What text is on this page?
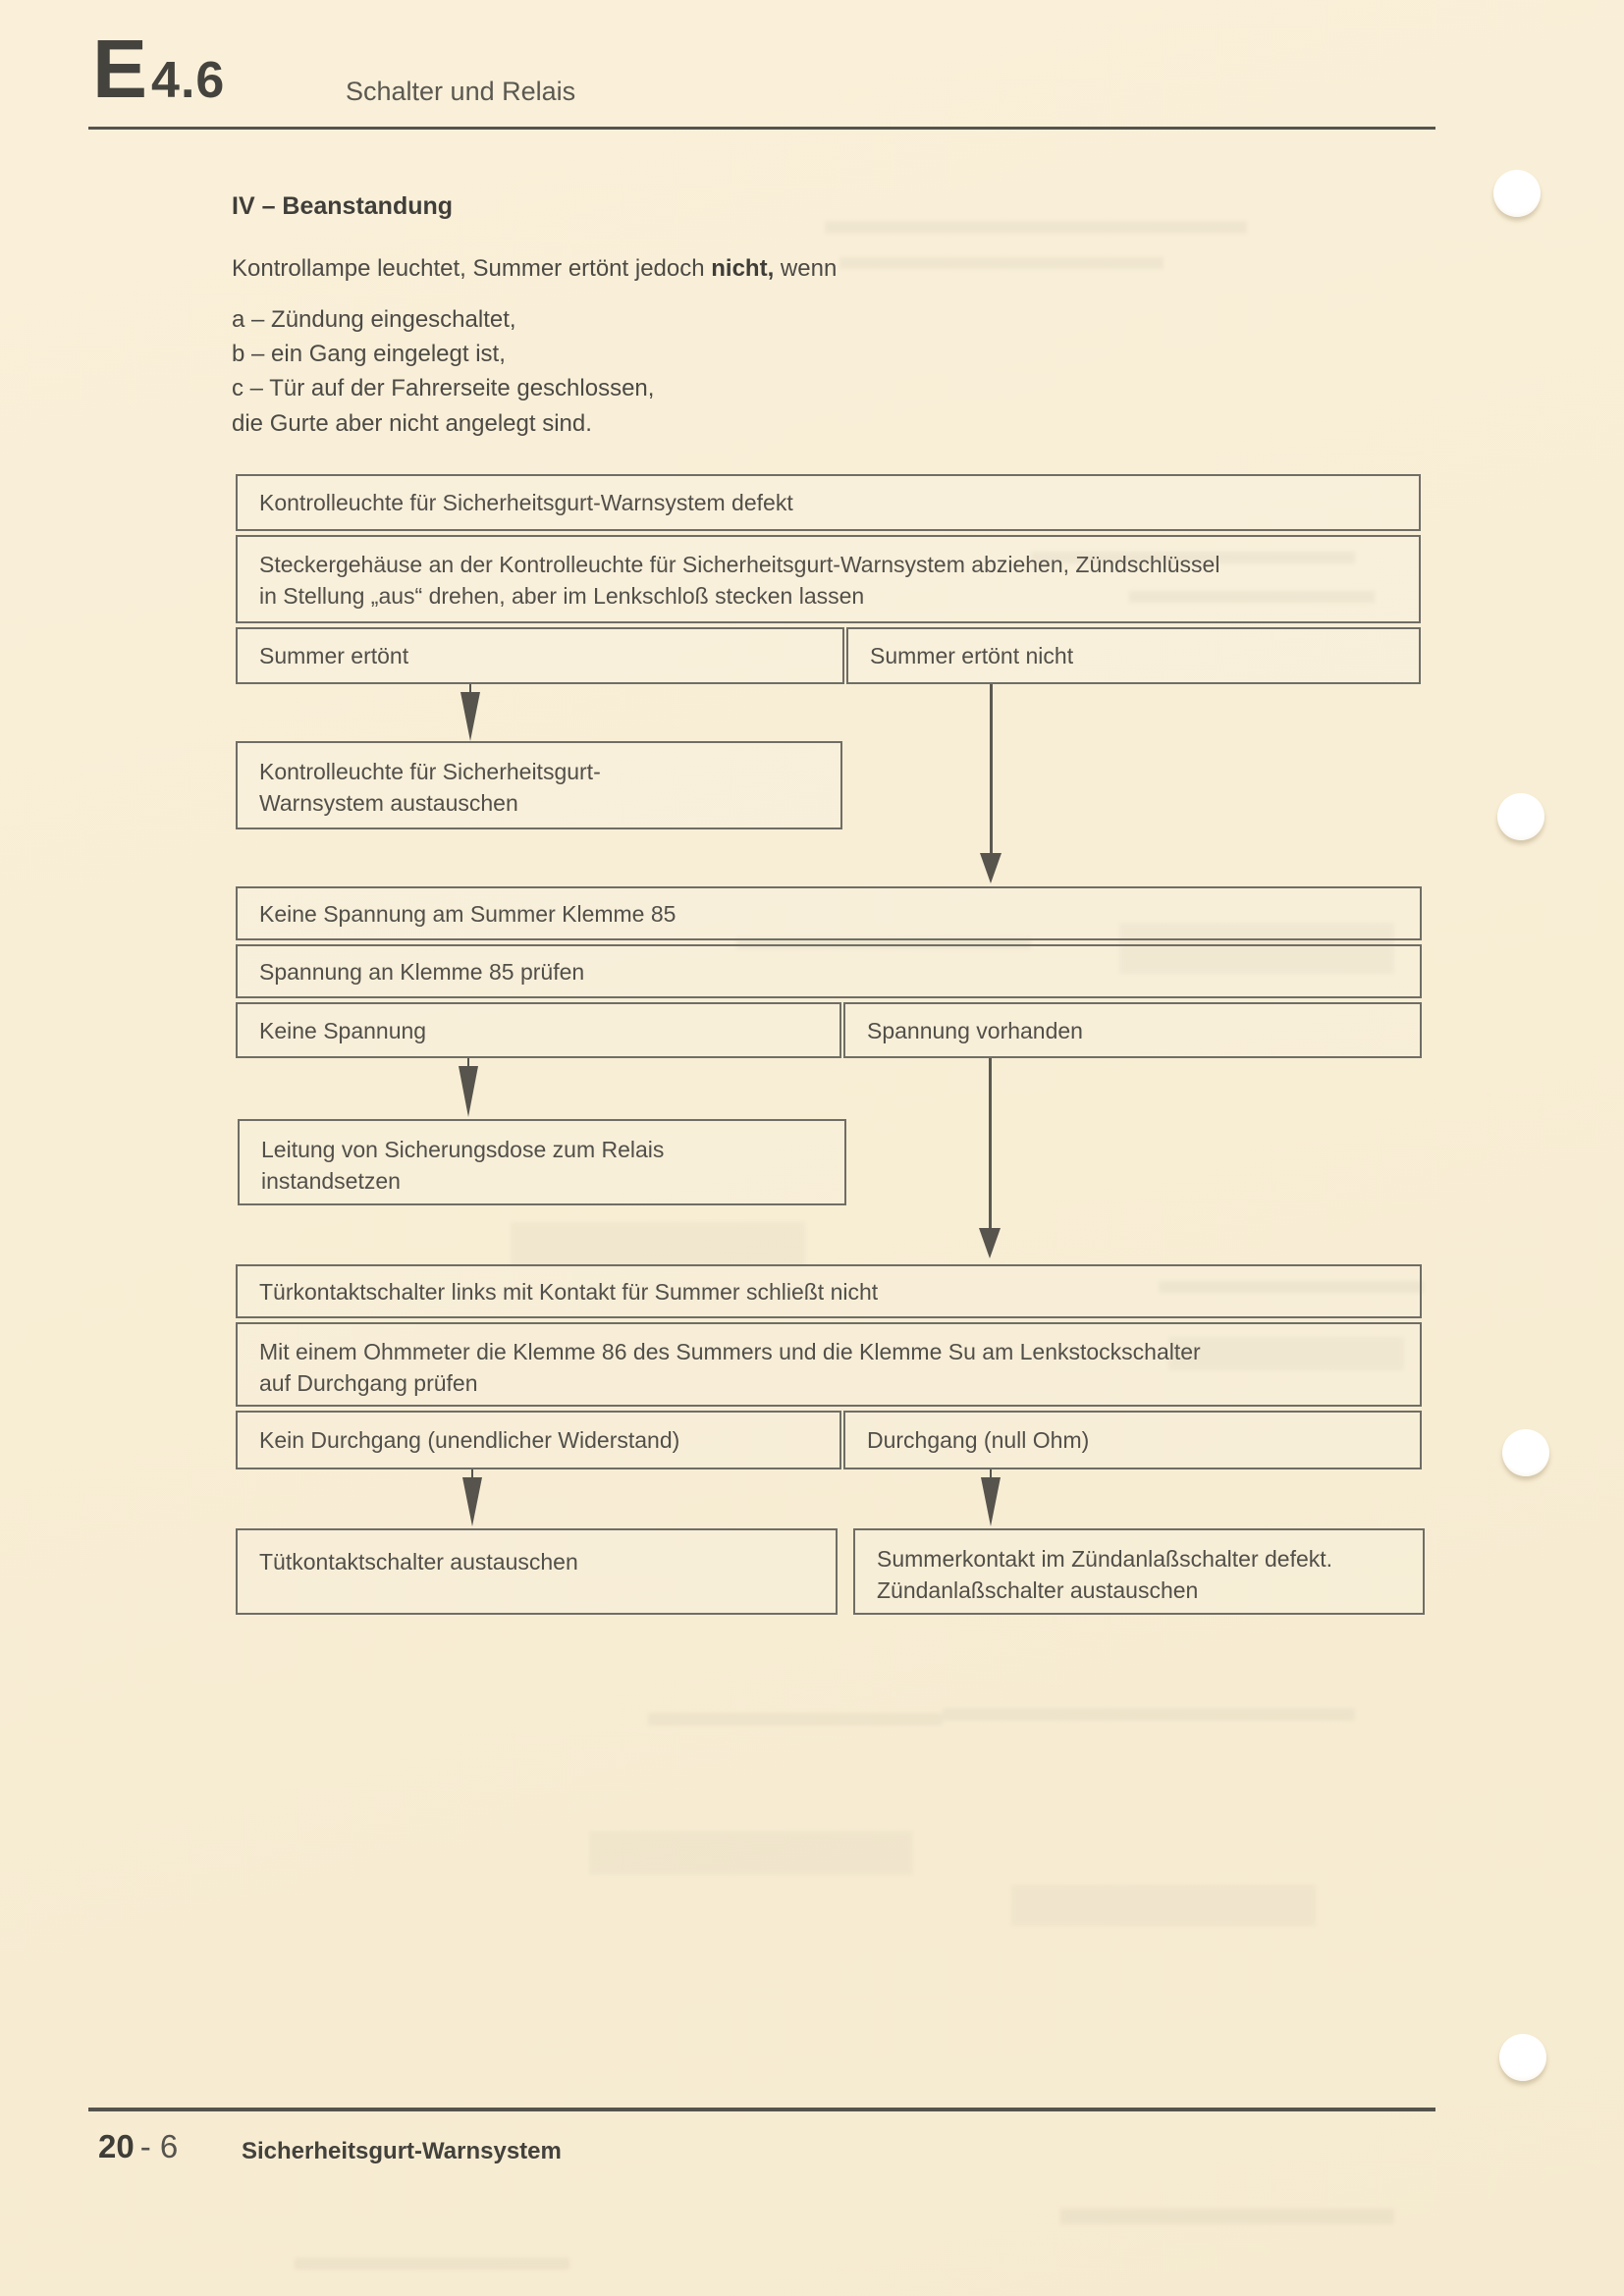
E 4.6	Schalter und Relais
IV – Beanstandung
Kontrollampe leuchtet, Summer ertönt jedoch nicht, wenn
a – Zündung eingeschaltet,
b – ein Gang eingelegt ist,
c – Tür auf der Fahrerseite geschlossen,
die Gurte aber nicht angelegt sind.
Kontrolleuchte für Sicherheitsgurt-Warnsystem defekt
Steckergehäuse an der Kontrolleuchte für Sicherheitsgurt-Warnsystem abziehen, Zündschlüssel
in Stellung „aus“ drehen, aber im Lenkschloß stecken lassen
Summer ertönt	Summer ertönt nicht
Kontrolleuchte für Sicherheitsgurt-
Warnsystem austauschen
Keine Spannung am Summer Klemme 85
Spannung an Klemme 85 prüfen
Keine Spannung	Spannung vorhanden
Leitung von Sicherungsdose zum Relais
instandsetzen
Türkontaktschalter links mit Kontakt für Summer schließt nicht
Mit einem Ohmmeter die Klemme 86 des Summers und die Klemme Su am Lenkstockschalter
auf Durchgang prüfen
Kein Durchgang (unendlicher Widerstand)	Durchgang (null Ohm)
Tütkontaktschalter austauschen	Summerkontakt im Zündanlaßschalter defekt.
Zündanlaßschalter austauschen
20 - 6	Sicherheitsgurt-Warnsystem
